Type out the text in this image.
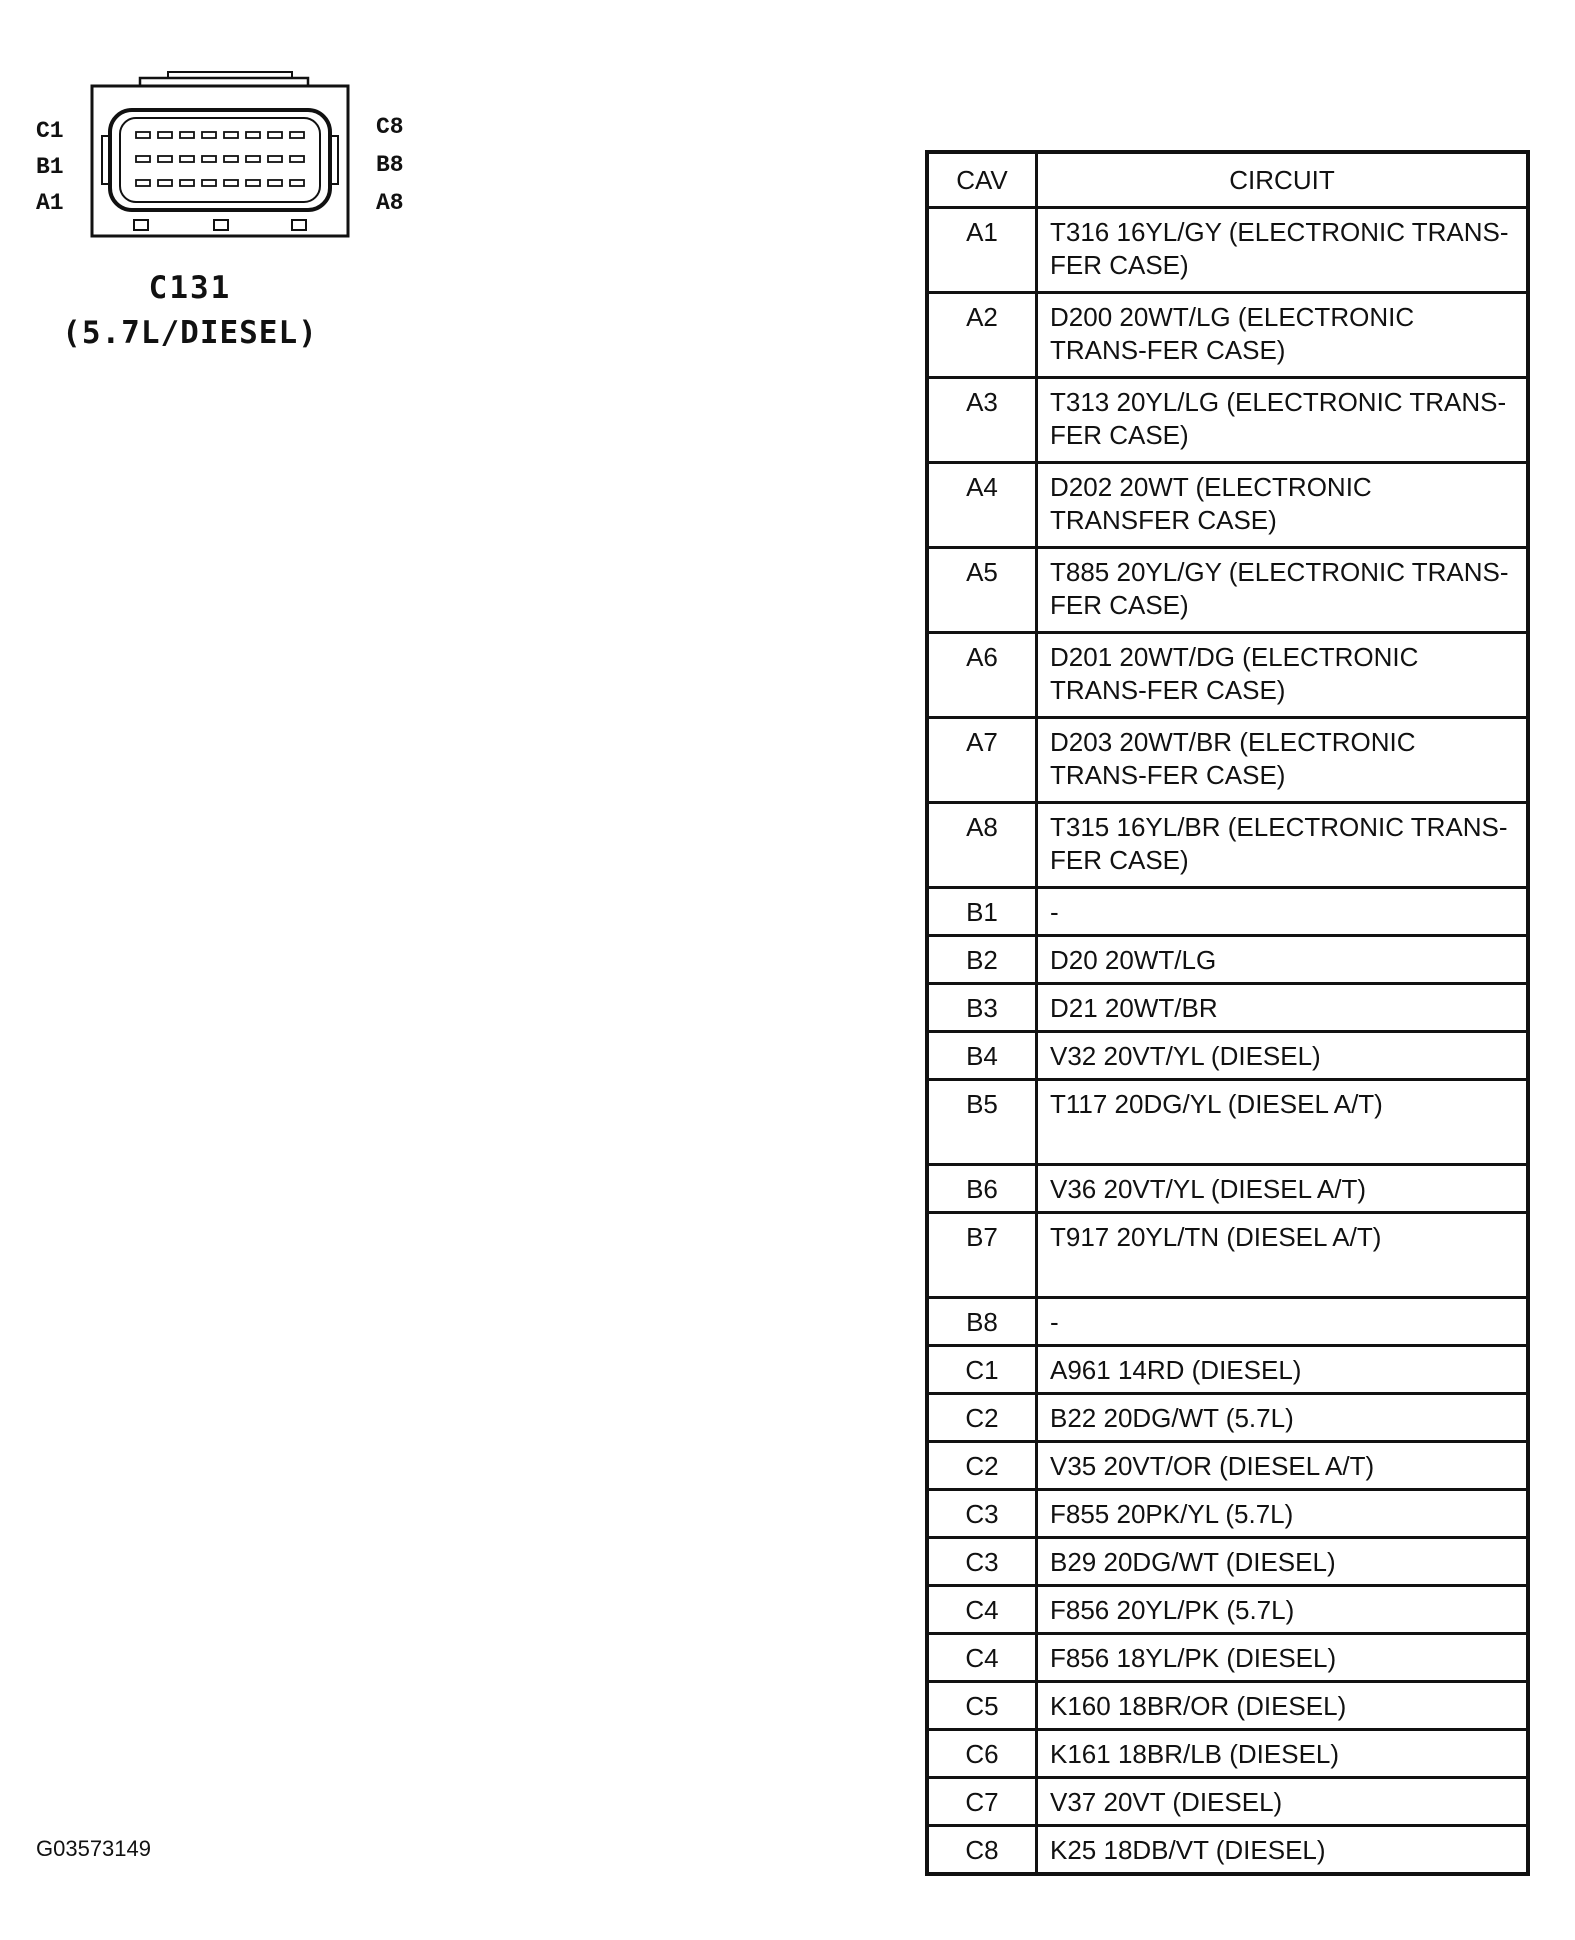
C1
B1
A1
C8
B8
A8
C131
(5.7L/DIESEL)
CAV	CIRCUIT
A1	T316 16YL/GY (ELECTRONIC TRANS-FER CASE)
A2	D200 20WT/LG (ELECTRONIC TRANS-FER CASE)
A3	T313 20YL/LG (ELECTRONIC TRANS-FER CASE)
A4	D202 20WT (ELECTRONIC TRANSFER CASE)
A5	T885 20YL/GY (ELECTRONIC TRANS-FER CASE)
A6	D201 20WT/DG (ELECTRONIC TRANS-FER CASE)
A7	D203 20WT/BR (ELECTRONIC TRANS-FER CASE)
A8	T315 16YL/BR (ELECTRONIC TRANS-FER CASE)
B1	-
B2	D20 20WT/LG
B3	D21 20WT/BR
B4	V32 20VT/YL (DIESEL)
B5	T117 20DG/YL (DIESEL A/T)
B6	V36 20VT/YL (DIESEL A/T)
B7	T917 20YL/TN (DIESEL A/T)
B8	-
C1	A961 14RD (DIESEL)
C2	B22 20DG/WT (5.7L)
C2	V35 20VT/OR (DIESEL A/T)
C3	F855 20PK/YL (5.7L)
C3	B29 20DG/WT (DIESEL)
C4	F856 20YL/PK (5.7L)
C4	F856 18YL/PK (DIESEL)
C5	K160 18BR/OR (DIESEL)
C6	K161 18BR/LB (DIESEL)
C7	V37 20VT (DIESEL)
C8	K25 18DB/VT (DIESEL)
G03573149
